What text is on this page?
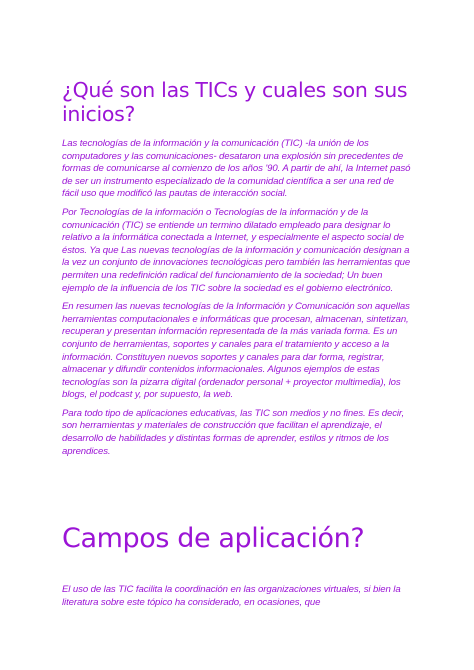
¿Qué son las TICs y cuales son sus inicios?

Las tecnologías de la información y la comunicación (TIC) -la unión de los computadores y las comunicaciones- desataron una explosión sin precedentes de formas de comunicarse al comienzo de los años '90. A partir de ahí, la Internet pasó de ser un instrumento especializado de la comunidad científica a ser una red de fácil uso que modificó las pautas de interacción social.

Por Tecnologías de la información o Tecnologías de la información y de la comunicación (TIC) se entiende un termino dilatado empleado para designar lo relativo a la informática conectada a Internet, y especialmente el aspecto social de éstos. Ya que Las nuevas tecnologías de la información y comunicación designan a la vez un conjunto de innovaciones tecnológicas pero también las herramientas que permiten una redefinición radical del funcionamiento de la sociedad; Un buen ejemplo de la influencia de los TIC sobre la sociedad es el gobierno electrónico.

En resumen las nuevas tecnologías de la Información y Comunicación son aquellas herramientas computacionales e informáticas que procesan, almacenan, sintetizan, recuperan y presentan información representada de la más variada forma. Es un conjunto de herramientas, soportes y canales para el tratamiento y acceso a la información. Constituyen nuevos soportes y canales para dar forma, registrar, almacenar y difundir contenidos informacionales. Algunos ejemplos de estas tecnologías son la pizarra digital (ordenador personal + proyector multimedia), los blogs, el podcast y, por supuesto, la web.

Para todo tipo de aplicaciones educativas, las TIC son medios y no fines. Es decir, son herramientas y materiales de construcción que facilitan el aprendizaje, el desarrollo de habilidades y distintas formas de aprender, estilos y ritmos de los aprendices.

Campos de aplicación?

El uso de las TIC facilita la coordinación en las organizaciones virtuales, si bien la literatura sobre este tópico ha considerado, en ocasiones, que
